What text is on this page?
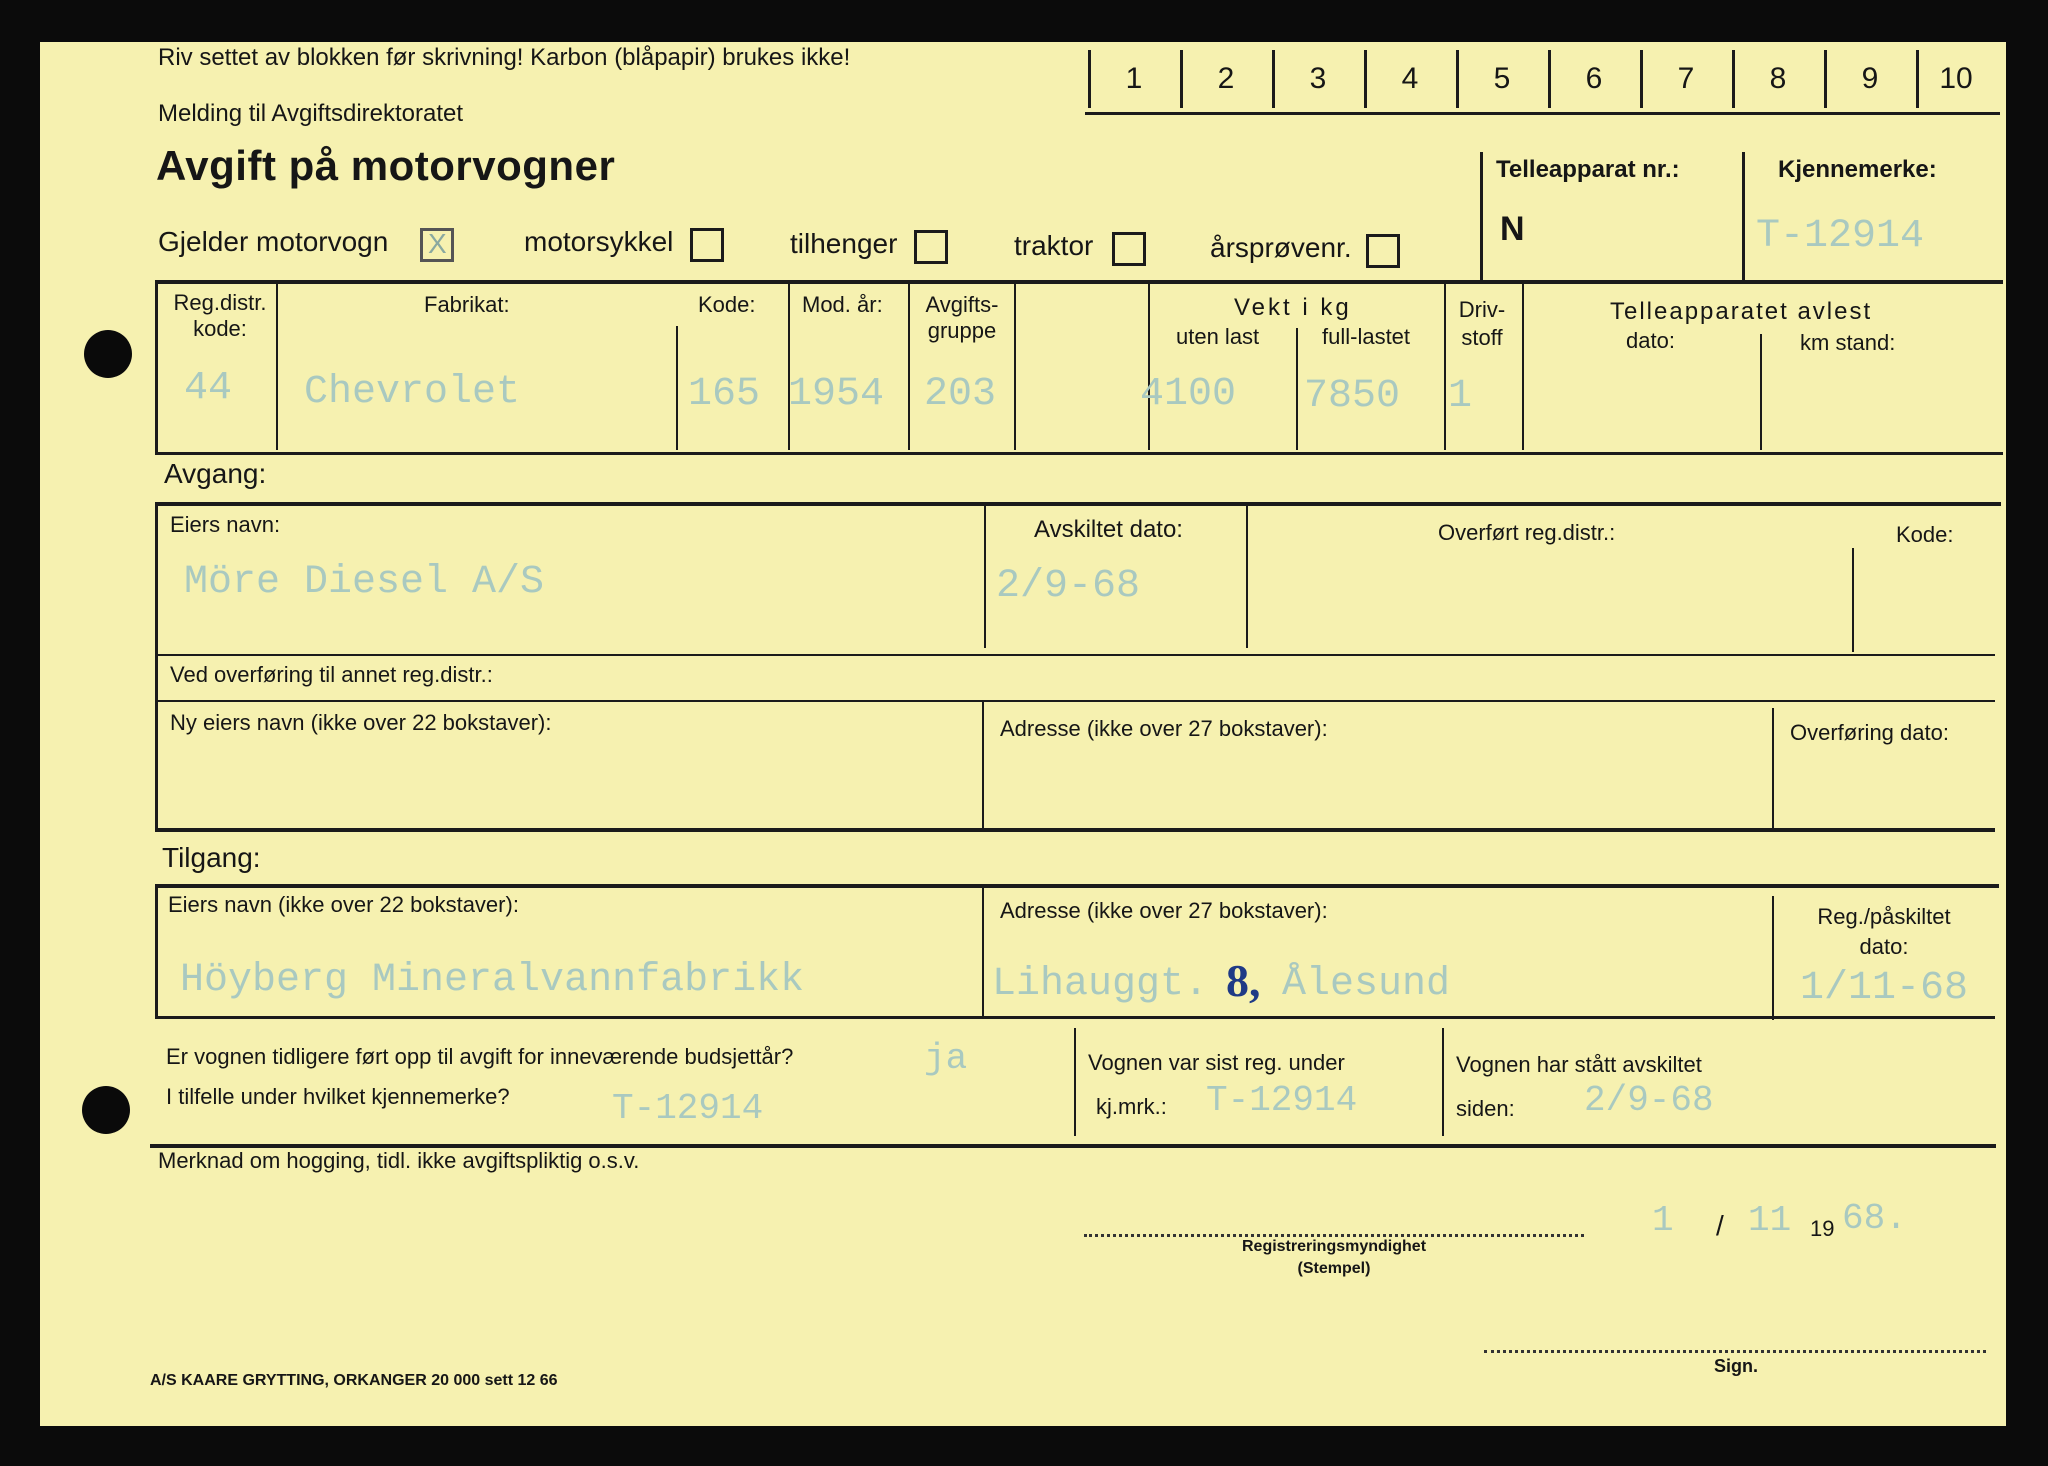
Riv settet av blokken før skrivning! Karbon (blåpapir) brukes ikke!
Melding til Avgiftsdirektoratet
Avgift på motorvogner
1	2	3	4	5	6	7	8	9	10
Telleapparat nr.:
N
Kjennemerke:
T-12914
Gjelder motorvogn X	motorsykkel	tilhenger	traktor	årsprøvenr.
Reg.distr. kode:
44
Fabrikat:
Chevrolet
Kode:
165
Mod. år:
1954
Avgifts-gruppe
203
Vekt i kg
uten last
4100
full-lastet
7850
Driv-stoff
1
Telleapparatet avlest
dato:	km stand:
Avgang:
Eiers navn:
Möre Diesel A/S
Avskiltet dato:
2/9-68
Overført reg.distr.:	Kode:
Ved overføring til annet reg.distr.:
Ny eiers navn (ikke over 22 bokstaver):	Adresse (ikke over 27 bokstaver):	Overføring dato:
Tilgang:
Eiers navn (ikke over 22 bokstaver):
Höyberg Mineralvannfabrikk
Adresse (ikke over 27 bokstaver):
Lihauggt. 8, Ålesund
Reg./påskiltet dato:
1/11-68
Er vognen tidligere ført opp til avgift for inneværende budsjettår?	ja
I tilfelle under hvilket kjennemerke?	T-12914
Vognen var sist reg. under
kj.mrk.: T-12914
Vognen har stått avskiltet
siden: 2/9-68
Merknad om hogging, tidl. ikke avgiftspliktig o.s.v.
Registreringsmyndighet
(Stempel)
1 / 11 19 68.
Sign.
A/S KAARE GRYTTING, ORKANGER 20 000 sett 12 66
